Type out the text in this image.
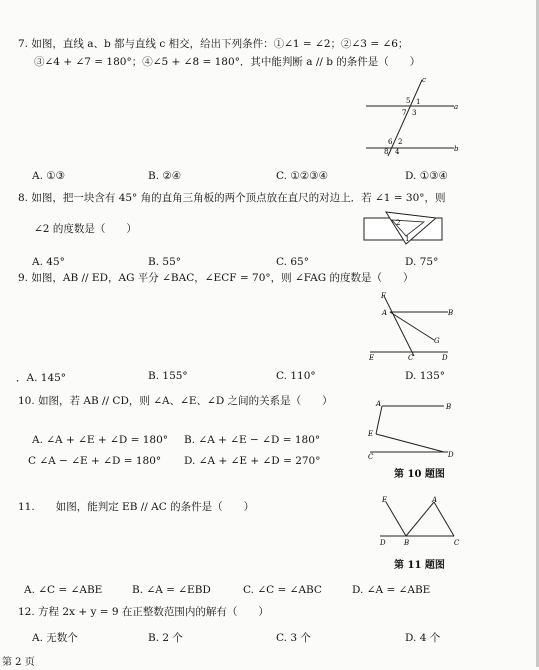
7. 如图，直线 a、b 都与直线 c 相交，给出下列条件：①∠1 = ∠2；②∠3 = ∠6；
③∠4 + ∠7 = 180°；④∠5 + ∠8 = 180°．其中能判断 a // b 的条件是（　　）
c
5 1
a
7 3
6 2
8 4	b
A. ①③	B. ②④	C. ①②③④	D. ①③④
8. 如图，把一块含有 45° 角的直角三角板的两个顶点放在直尺的对边上．若 ∠1 = 30°，则
∠2 的度数是（　　）	2
1
A. 45°	B. 55°	C. 65°	D. 75°
9. 如图，AB // ED，AG 平分 ∠BAC，∠ECF = 70°，则 ∠FAG 的度数是（　　）
F
A	B
G
E	C	D
．A. 145°	B. 155°	C. 110°	D. 135°
10. 如图，若 AB // CD，则 ∠A、∠E、∠D 之间的关系是（　　）	A	B
E
C	D
A. ∠A + ∠E + ∠D = 180° B. ∠A + ∠E − ∠D = 180°
C ∠A − ∠E + ∠D = 180° D. ∠A + ∠E + ∠D = 270°
第 10 题图
11.　　如图，能判定 EB // AC 的条件是（　　）
E	A
D	B	C
第 11 题图
A. ∠C = ∠ABE	B. ∠A = ∠EBD	C. ∠C = ∠ABC	D. ∠A = ∠ABE
12. 方程 2x + y = 9 在正整数范围内的解有（　　）
A. 无数个	B. 2 个	C. 3 个	D. 4 个
第 2 页
